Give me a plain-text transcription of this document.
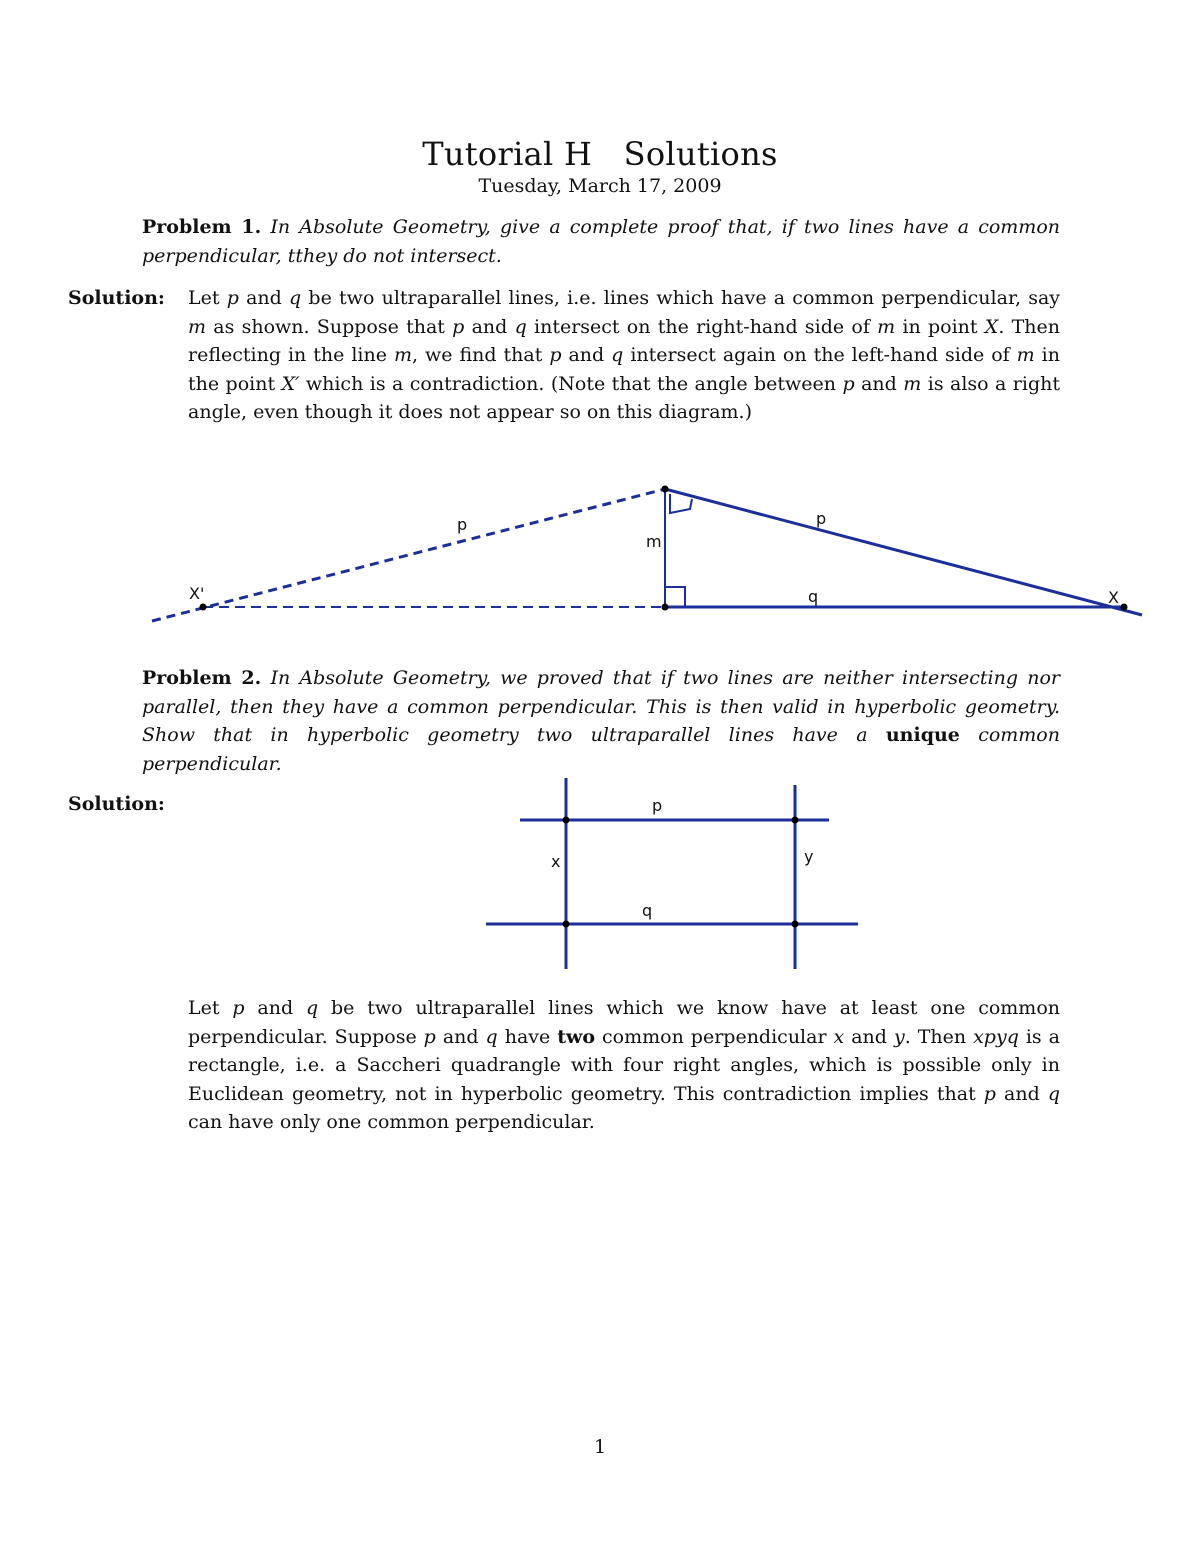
Tutorial H   Solutions
Tuesday, March 17, 2009
Problem 1. In Absolute Geometry, give a complete proof that, if two lines have a common perpendicular, tthey do not intersect.
Solution: Let p and q be two ultraparallel lines, i.e. lines which have a common perpendicular, say m as shown. Suppose that p and q intersect on the right-hand side of m in point X. Then reflecting in the line m, we find that p and q intersect again on the left-hand side of m in the point X′ which is a contradiction. (Note that the angle between p and m is also a right angle, even though it does not appear so on this diagram.)
p	p
m
q
X'	X
Problem 2. In Absolute Geometry, we proved that if two lines are neither intersecting nor parallel, then they have a common perpendicular. This is then valid in hyperbolic geometry. Show that in hyperbolic geometry two ultraparallel lines have a unique common perpendicular.
Solution:	p
q
x	y
Let p and q be two ultraparallel lines which we know have at least one common perpendicular. Suppose p and q have two common perpendicular x and y. Then xpyq is a rectangle, i.e. a Saccheri quadrangle with four right angles, which is possible only in Euclidean geometry, not in hyperbolic geometry. This contradiction implies that p and q can have only one common perpendicular.
1
